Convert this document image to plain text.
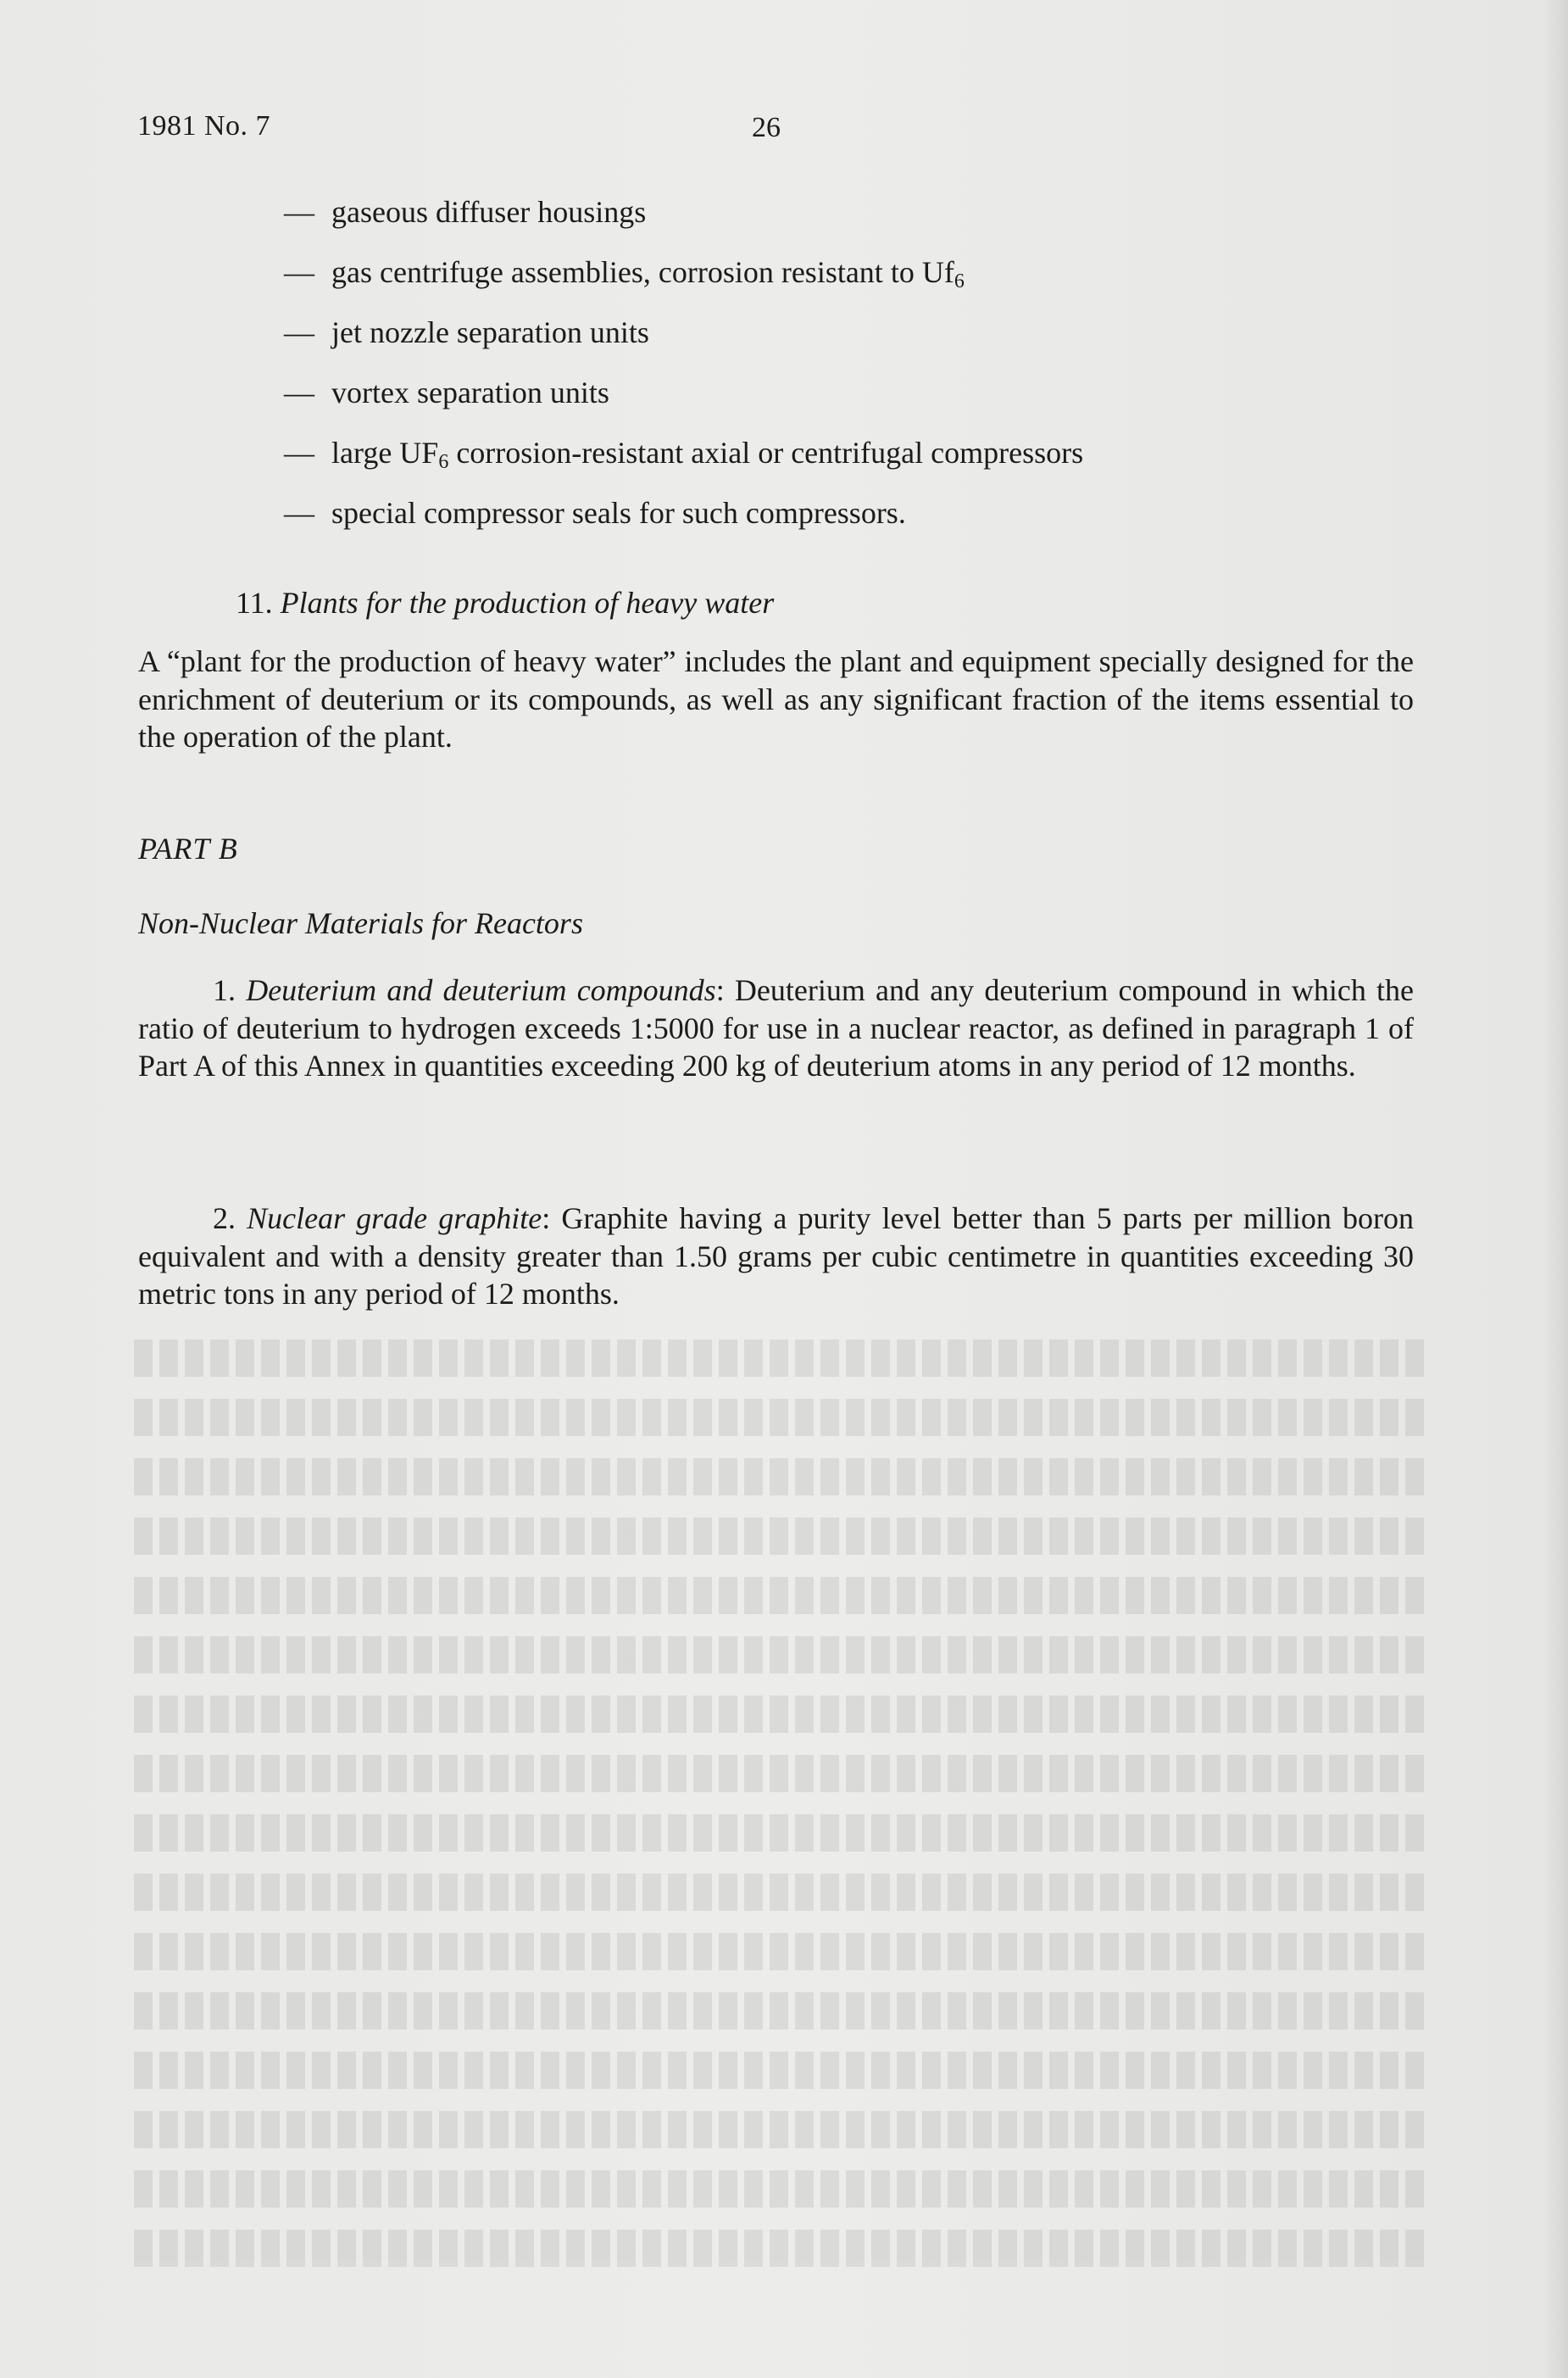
1981 No. 7	26
— gaseous diffuser housings
— gas centrifuge assemblies, corrosion resistant to $Uf_6$
— jet nozzle separation units
— vortex separation units
— large $UF_6$ corrosion-resistant axial or centrifugal compressors
— special compressor seals for such compressors.
11. Plants for the production of heavy water

A “plant for the production of heavy water” includes the plant and equipment specially designed for the enrichment of deuterium or its compounds, as well as any significant fraction of the items essential to the operation of the plant.

PART B
Non-Nuclear Materials for Reactors

1. Deuterium and deuterium compounds: Deuterium and any deuterium compound in which the ratio of deuterium to hydrogen exceeds 1:5000 for use in a nuclear reactor, as defined in paragraph 1 of Part A of this Annex in quantities exceeding 200 kg of deuterium atoms in any period of 12 months.

2. Nuclear grade graphite: Graphite having a purity level better than 5 parts per million boron equivalent and with a density greater than 1.50 grams per cubic centimetre in quantities exceeding 30 metric tons in any period of 12 months.
